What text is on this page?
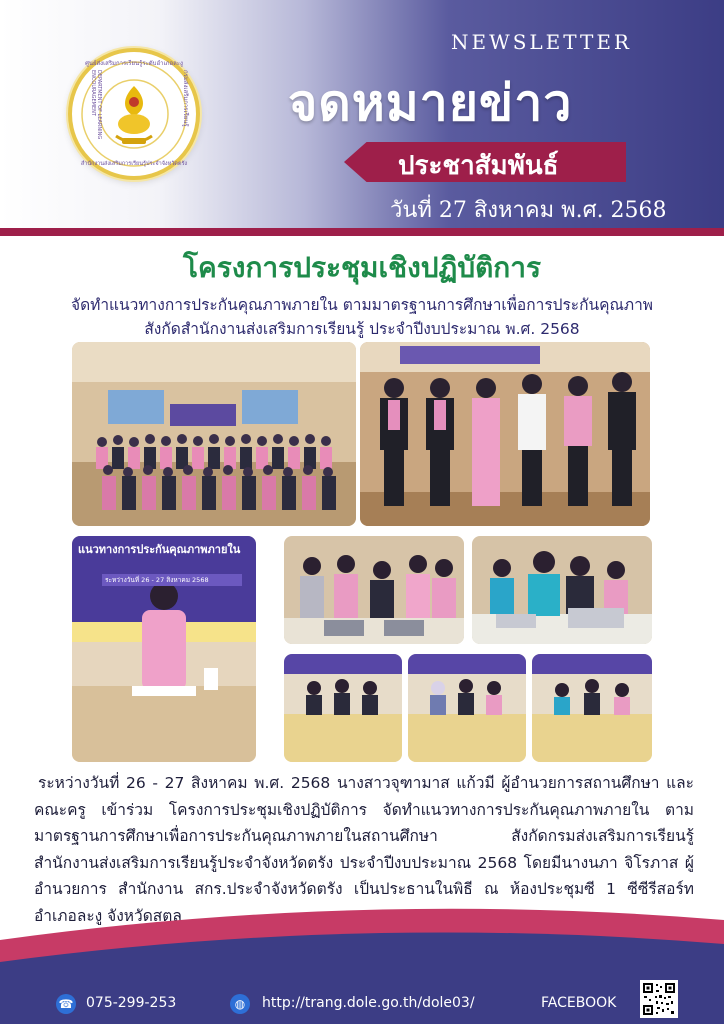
ศูนย์ส่งเสริมการเรียนรู้ระดับอำเภอละงู
DEPARTMENT OF LEARNING ENCOURAGEMENT	กรมส่งเสริมการเรียนรู้
สำนักงานส่งเสริมการเรียนรู้ประจำจังหวัดตรัง
NEWSLETTER
จดหมายข่าว
ประชาสัมพันธ์
วันที่ 27 สิงหาคม พ.ศ. 2568
โครงการประชุมเชิงปฏิบัติการ
จัดทำแนวทางการประกันคุณภาพภายใน ตามมาตรฐานการศึกษาเพื่อการประกันคุณภาพ
สังกัดสำนักงานส่งเสริมการเรียนรู้ ประจำปีงบประมาณ พ.ศ. 2568
แนวทางการประกันคุณภาพภายใน
ระหว่างวันที่ 26 - 27 สิงหาคม 2568
ระหว่างวันที่ 26 - 27 สิงหาคม พ.ศ. 2568 นางสาวจุฑามาส แก้วมี ผู้อำนวยการสถานศึกษา และคณะครู เข้าร่วม โครงการประชุมเชิงปฏิบัติการ จัดทำแนวทางการประกันคุณภาพภายใน ตามมาตรฐานการศึกษาเพื่อการประกันคุณภาพภายในสถานศึกษา สังกัดกรมส่งเสริมการเรียนรู้ สำนักงานส่งเสริมการเรียนรู้ประจำจังหวัดตรัง ประจำปีงบประมาณ 2568 โดยมีนางนภา จิโรภาส ผู้อำนวยการ สำนักงาน สกร.ประจำจังหวัดตรัง เป็นประธานในพิธี ณ ห้องประชุมซี 1 ซีซีรีสอร์ท อำเภอละงู จังหวัดสตูล
☎ 075-299-253	◍	http://trang.dole.go.th/dole03/	FACEBOOK
